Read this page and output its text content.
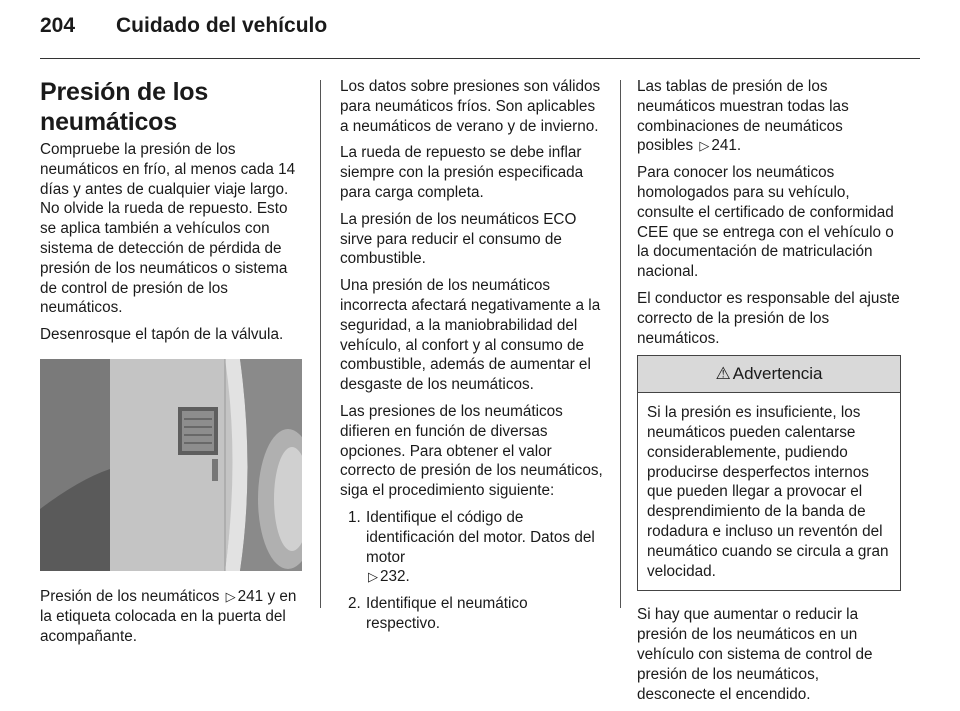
204 Cuidado del vehículo
Presión de los neumáticos

Compruebe la presión de los neumáticos en frío, al menos cada 14 días y antes de cualquier viaje largo. No olvide la rueda de repuesto. Esto se aplica también a vehículos con sistema de detección de pérdida de presión de los neumáticos o sistema de control de presión de los neumáticos.

Desenrosque el tapón de la válvula.

Presión de los neumáticos ▷ 241 y en la etiqueta colocada en la puerta del acompañante.

Los datos sobre presiones son válidos para neumáticos fríos. Son aplicables a neumáticos de verano y de invierno.

La rueda de repuesto se debe inflar siempre con la presión especificada para carga completa.

La presión de los neumáticos ECO sirve para reducir el consumo de combustible.

Una presión de los neumáticos incorrecta afectará negativamente a la seguridad, a la maniobrabilidad del vehículo, al confort y al consumo de combustible, además de aumentar el desgaste de los neumáticos.

Las presiones de los neumáticos difieren en función de diversas opciones. Para obtener el valor correcto de presión de los neumáticos, siga el procedimiento siguiente:

1. Identifique el código de identificación del motor. Datos del motor
▷ 232.
2. Identifique el neumático respectivo.

Las tablas de presión de los neumáticos muestran todas las combinaciones de neumáticos posibles ▷ 241.

Para conocer los neumáticos homologados para su vehículo, consulte el certificado de conformidad CEE que se entrega con el vehículo o la documentación de matriculación nacional.

El conductor es responsable del ajuste correcto de la presión de los neumáticos.

⚠ Advertencia
Si la presión es insuficiente, los neumáticos pueden calentarse considerablemente, pudiendo producirse desperfectos internos que pueden llegar a provocar el desprendimiento de la banda de rodadura e incluso un reventón del neumático cuando se circula a gran velocidad.

Si hay que aumentar o reducir la presión de los neumáticos en un vehículo con sistema de control de presión de los neumáticos, desconecte el encendido.
